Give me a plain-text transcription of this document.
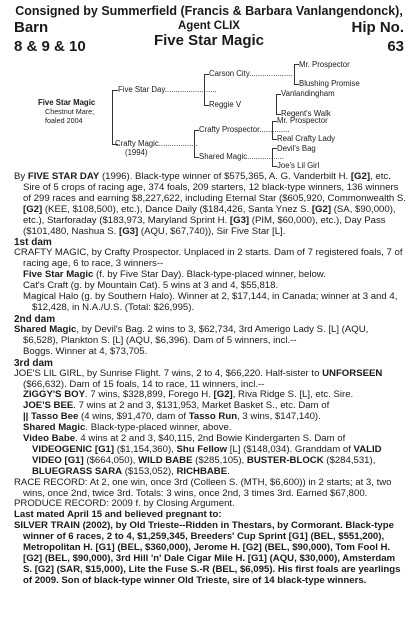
Consigned by Summerfield (Francis & Barbara Vanlangendonck),
Barn
8 & 9 & 10
Agent CLIX
Five Star Magic
Hip No.
63
Five Star Magic
Chestnut Mare;
foaled 2004
Five Star Day........................
Crafty Magic..................
(1994)
Carson City....................
Reggie V
Crafty Prospector..............
Shared Magic.................
Mr. Prospector
Blushing Promise
Vanlandingham
Regent's Walk
Mr. Prospector
Real Crafty Lady
Devil's Bag
Joe's Lil Girl
By FIVE STAR DAY (1996). Black-type winner of $575,365, A. G. Vanderbilt H. [G2], etc. Sire of 5 crops of racing age, 374 foals, 209 starters, 12 black-type winners, 136 winners of 299 races and earning $8,227,622, including Eternal Star ($605,920, Commonwealth S. [G2] (KEE, $108,500), etc.), Dance Daily ($184,426, Santa Ynez S. [G2] (SA, $90,000), etc.), Starforaday ($183,973, Maryland Sprint H. [G3] (PIM, $60,000), etc.), Day Pass ($101,480, Nashua S. [G3] (AQU, $67,740)), Sir Five Star [L].
1st dam
CRAFTY MAGIC, by Crafty Prospector. Unplaced in 2 starts. Dam of 7 registered foals, 7 of racing age, 6 to race, 3 winners--
Five Star Magic (f. by Five Star Day). Black-type-placed winner, below.
Cat's Craft (g. by Mountain Cat). 5 wins at 3 and 4, $55,818.
Magical Halo (g. by Southern Halo). Winner at 2, $17,144, in Canada; winner at 3 and 4, $12,428, in N.A./U.S. (Total: $26,995).
2nd dam
Shared Magic, by Devil's Bag. 2 wins to 3, $62,734, 3rd Amerigo Lady S. [L] (AQU, $6,528), Plankton S. [L] (AQU, $6,396). Dam of 5 winners, incl.--
Boggs. Winner at 4, $73,705.
3rd dam
JOE'S LIL GIRL, by Sunrise Flight. 7 wins, 2 to 4, $66,220. Half-sister to UNFORSEEN ($66,632). Dam of 15 foals, 14 to race, 11 winners, incl.--
ZIGGY'S BOY. 7 wins, $328,899, Forego H. [G2], Riva Ridge S. [L], etc. Sire.
JOE'S BEE. 7 wins at 2 and 3, $131,953, Market Basket S., etc. Dam of
|| Tasso Bee (4 wins, $91,470, dam of Tasso Run, 3 wins, $147,140).
Shared Magic. Black-type-placed winner, above.
Video Babe. 4 wins at 2 and 3, $40,115, 2nd Bowie Kindergarten S. Dam of VIDEOGENIC [G1] ($1,154,360), Shu Fellow [L] ($148,034). Granddam of VALID VIDEO [G1] ($664,050), WILD BABE ($285,105), BUSTER-BLOCK ($284,531), BLUEGRASS SARA ($153,052), RICHBABE.
RACE RECORD: At 2, one win, once 3rd (Colleen S. (MTH, $6,600)) in 2 starts; at 3, two wins, once 2nd, twice 3rd. Totals: 3 wins, once 2nd, 3 times 3rd. Earned $67,800.
PRODUCE RECORD: 2009 f. by Closing Argument.
Last mated April 15 and believed pregnant to:
SILVER TRAIN (2002), by Old Trieste--Ridden in Thestars, by Cormorant. Black-type winner of 6 races, 2 to 4, $1,259,345, Breeders' Cup Sprint [G1] (BEL, $551,200), Metropolitan H. [G1] (BEL, $360,000), Jerome H. [G2] (BEL, $90,000), Tom Fool H. [G2] (BEL, $90,000), 3rd Hill 'n' Dale Cigar Mile H. [G1] (AQU, $30,000), Amsterdam S. [G2] (SAR, $15,000), Lite the Fuse S.-R (BEL, $6,095). His first foals are yearlings of 2009. Son of black-type winner Old Trieste, sire of 14 black-type winners.
